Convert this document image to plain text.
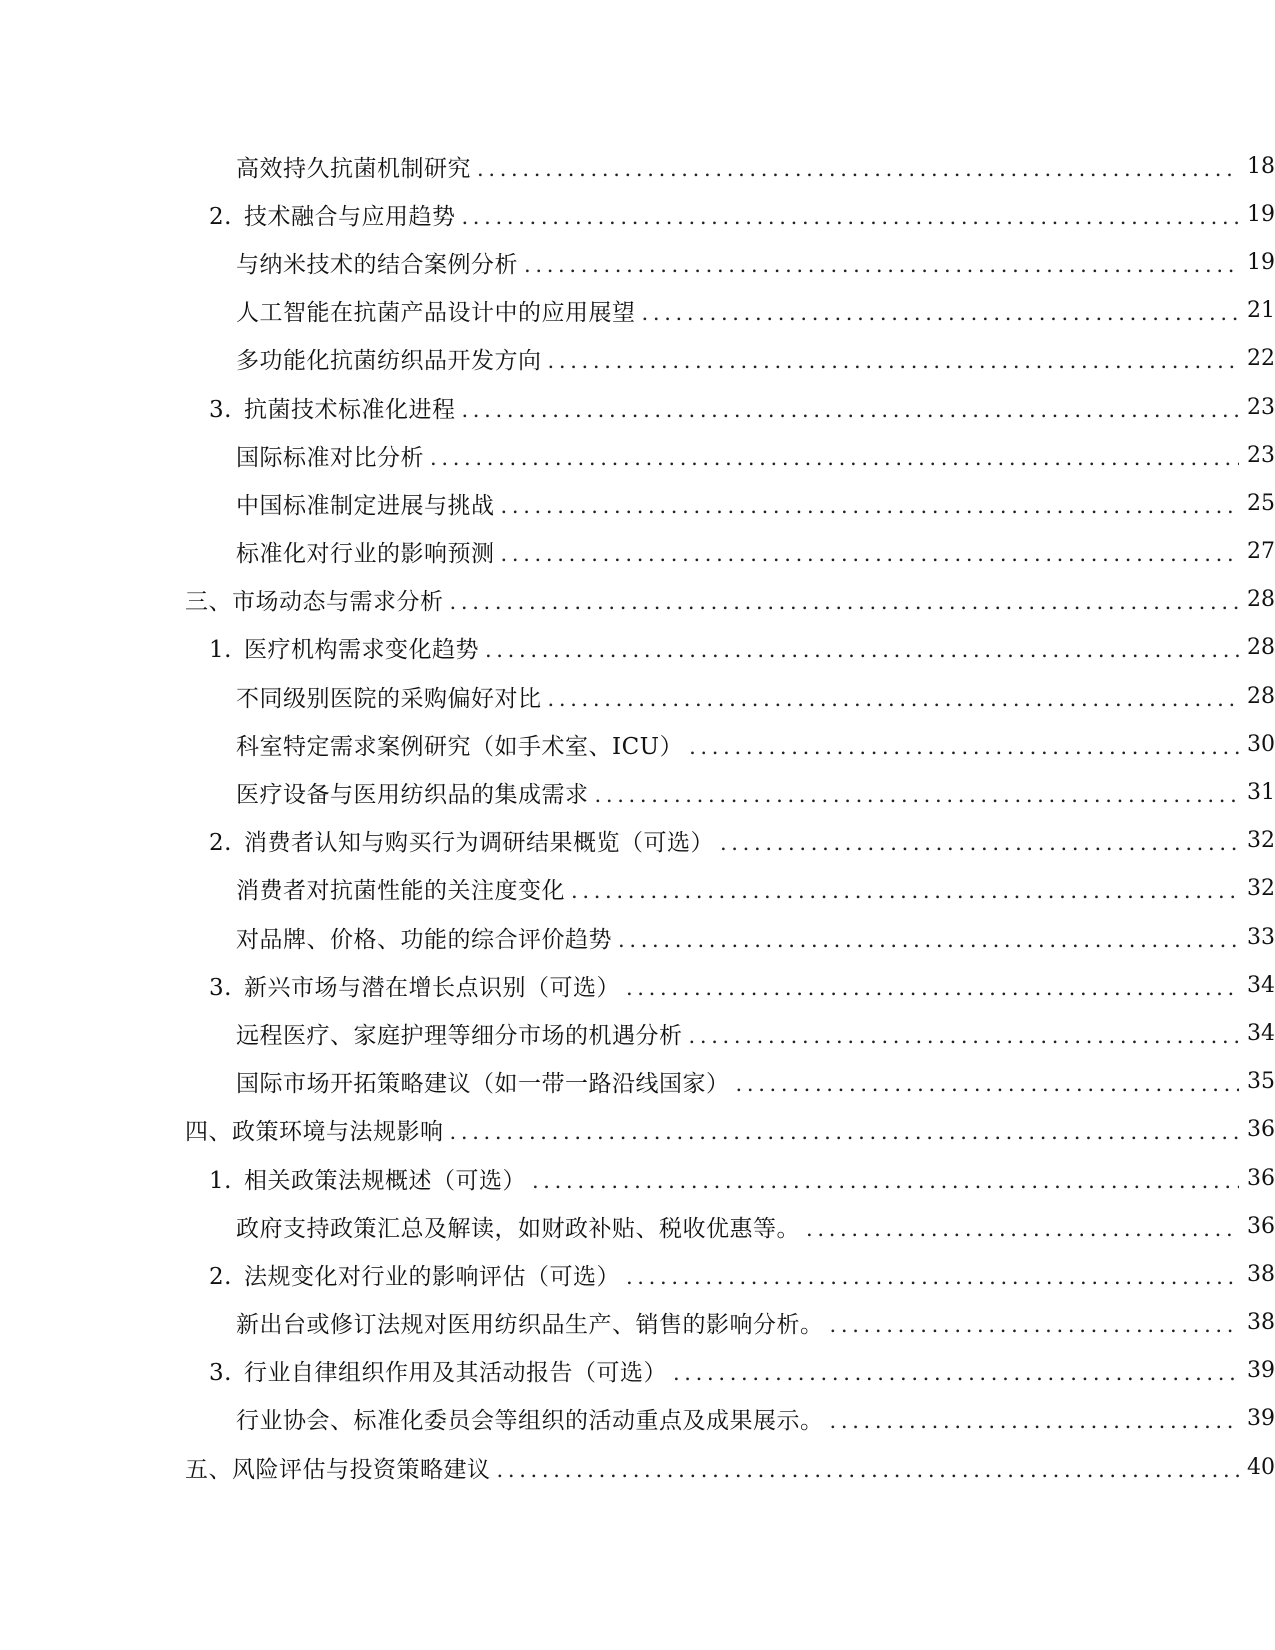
高效持久抗菌机制研究 . . .	18
2. 技术融合与应用趋势 . . .	19
与纳米技术的结合案例分析 . . .	19
人工智能在抗菌产品设计中的应用展望 . . .	21
多功能化抗菌纺织品开发方向 . . .	22
3. 抗菌技术标准化进程 . . .	23
国际标准对比分析 . . .	23
中国标准制定进展与挑战 . . .	25
标准化对行业的影响预测 . . .	27
三、市场动态与需求分析 . . .	28
1. 医疗机构需求变化趋势 . . .	28
不同级别医院的采购偏好对比 . . .	28
科室特定需求案例研究（如手术室、ICU） . . .	30
医疗设备与医用纺织品的集成需求 . . .	31
2. 消费者认知与购买行为调研结果概览（可选） . . .	32
消费者对抗菌性能的关注度变化 . . .	32
对品牌、价格、功能的综合评价趋势 . . .	33
3. 新兴市场与潜在增长点识别（可选） . . .	34
远程医疗、家庭护理等细分市场的机遇分析 . . .	34
国际市场开拓策略建议（如一带一路沿线国家） . . .	35
四、政策环境与法规影响 . . .	36
1. 相关政策法规概述（可选） . . .	36
政府支持政策汇总及解读，如财政补贴、税收优惠等。 . . .	36
2. 法规变化对行业的影响评估（可选） . . .	38
新出台或修订法规对医用纺织品生产、销售的影响分析。 . . .	38
3. 行业自律组织作用及其活动报告（可选） . . .	39
行业协会、标准化委员会等组织的活动重点及成果展示。 . . .	39
五、风险评估与投资策略建议 . . .	40
